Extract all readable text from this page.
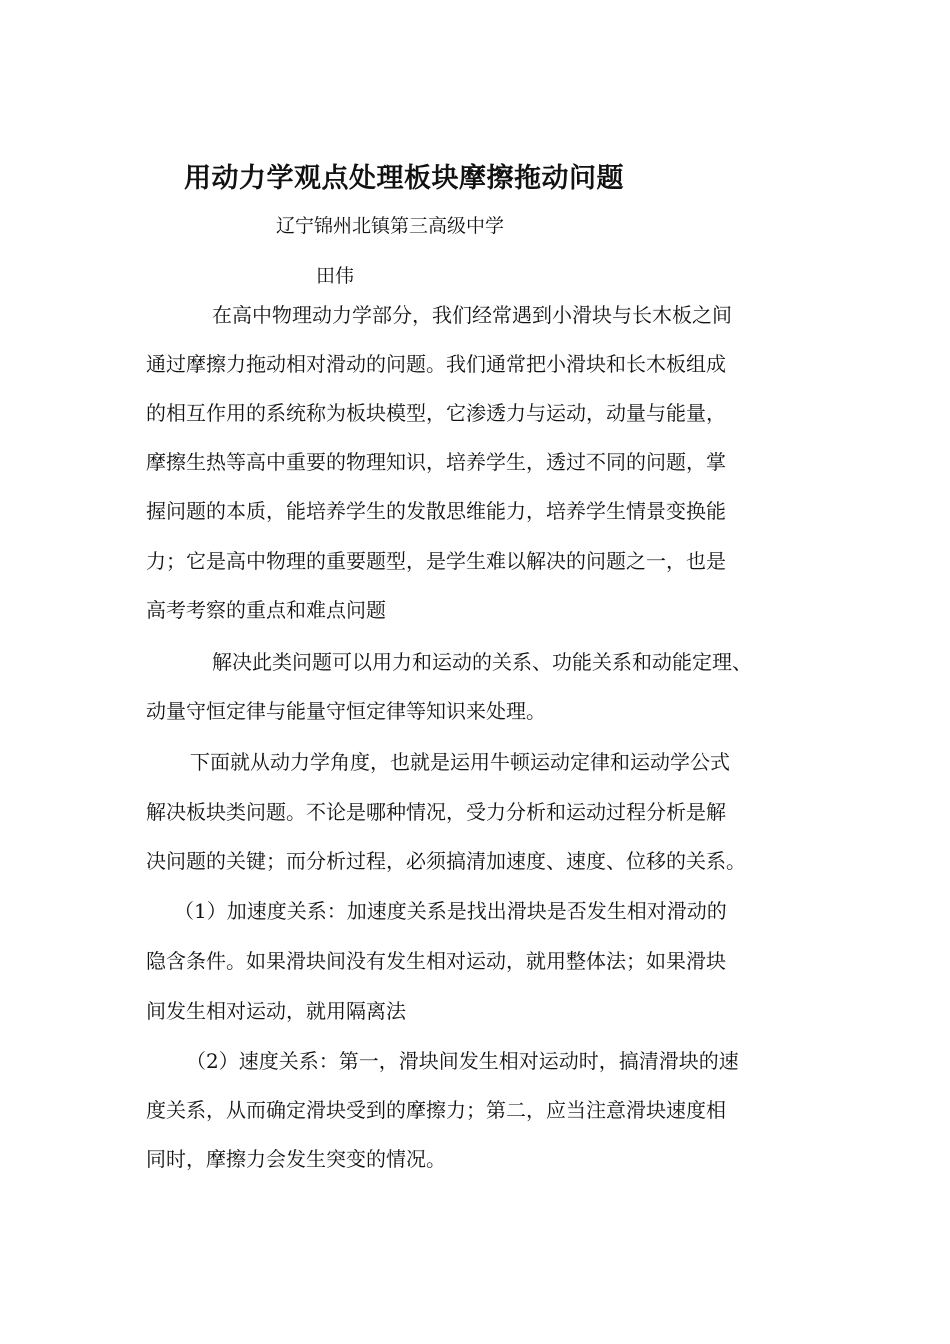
用动力学观点处理板块摩擦拖动问题
辽宁锦州北镇第三高级中学
田伟
在高中物理动力学部分，我们经常遇到小滑块与长木板之间
通过摩擦力拖动相对滑动的问题。我们通常把小滑块和长木板组成
的相互作用的系统称为板块模型，它渗透力与运动，动量与能量，
摩擦生热等高中重要的物理知识，培养学生，透过不同的问题，掌
握问题的本质，能培养学生的发散思维能力，培养学生情景变换能
力；它是高中物理的重要题型，是学生难以解决的问题之一，也是
高考考察的重点和难点问题
解决此类问题可以用力和运动的关系、功能关系和动能定理、
动量守恒定律与能量守恒定律等知识来处理。
下面就从动力学角度，也就是运用牛顿运动定律和运动学公式
解决板块类问题。不论是哪种情况，受力分析和运动过程分析是解
决问题的关键；而分析过程，必须搞清加速度、速度、位移的关系。
（1）加速度关系：加速度关系是找出滑块是否发生相对滑动的
隐含条件。如果滑块间没有发生相对运动，就用整体法；如果滑块
间发生相对运动，就用隔离法
（2）速度关系：第一，滑块间发生相对运动时，搞清滑块的速
度关系，从而确定滑块受到的摩擦力；第二，应当注意滑块速度相
同时，摩擦力会发生突变的情况。
